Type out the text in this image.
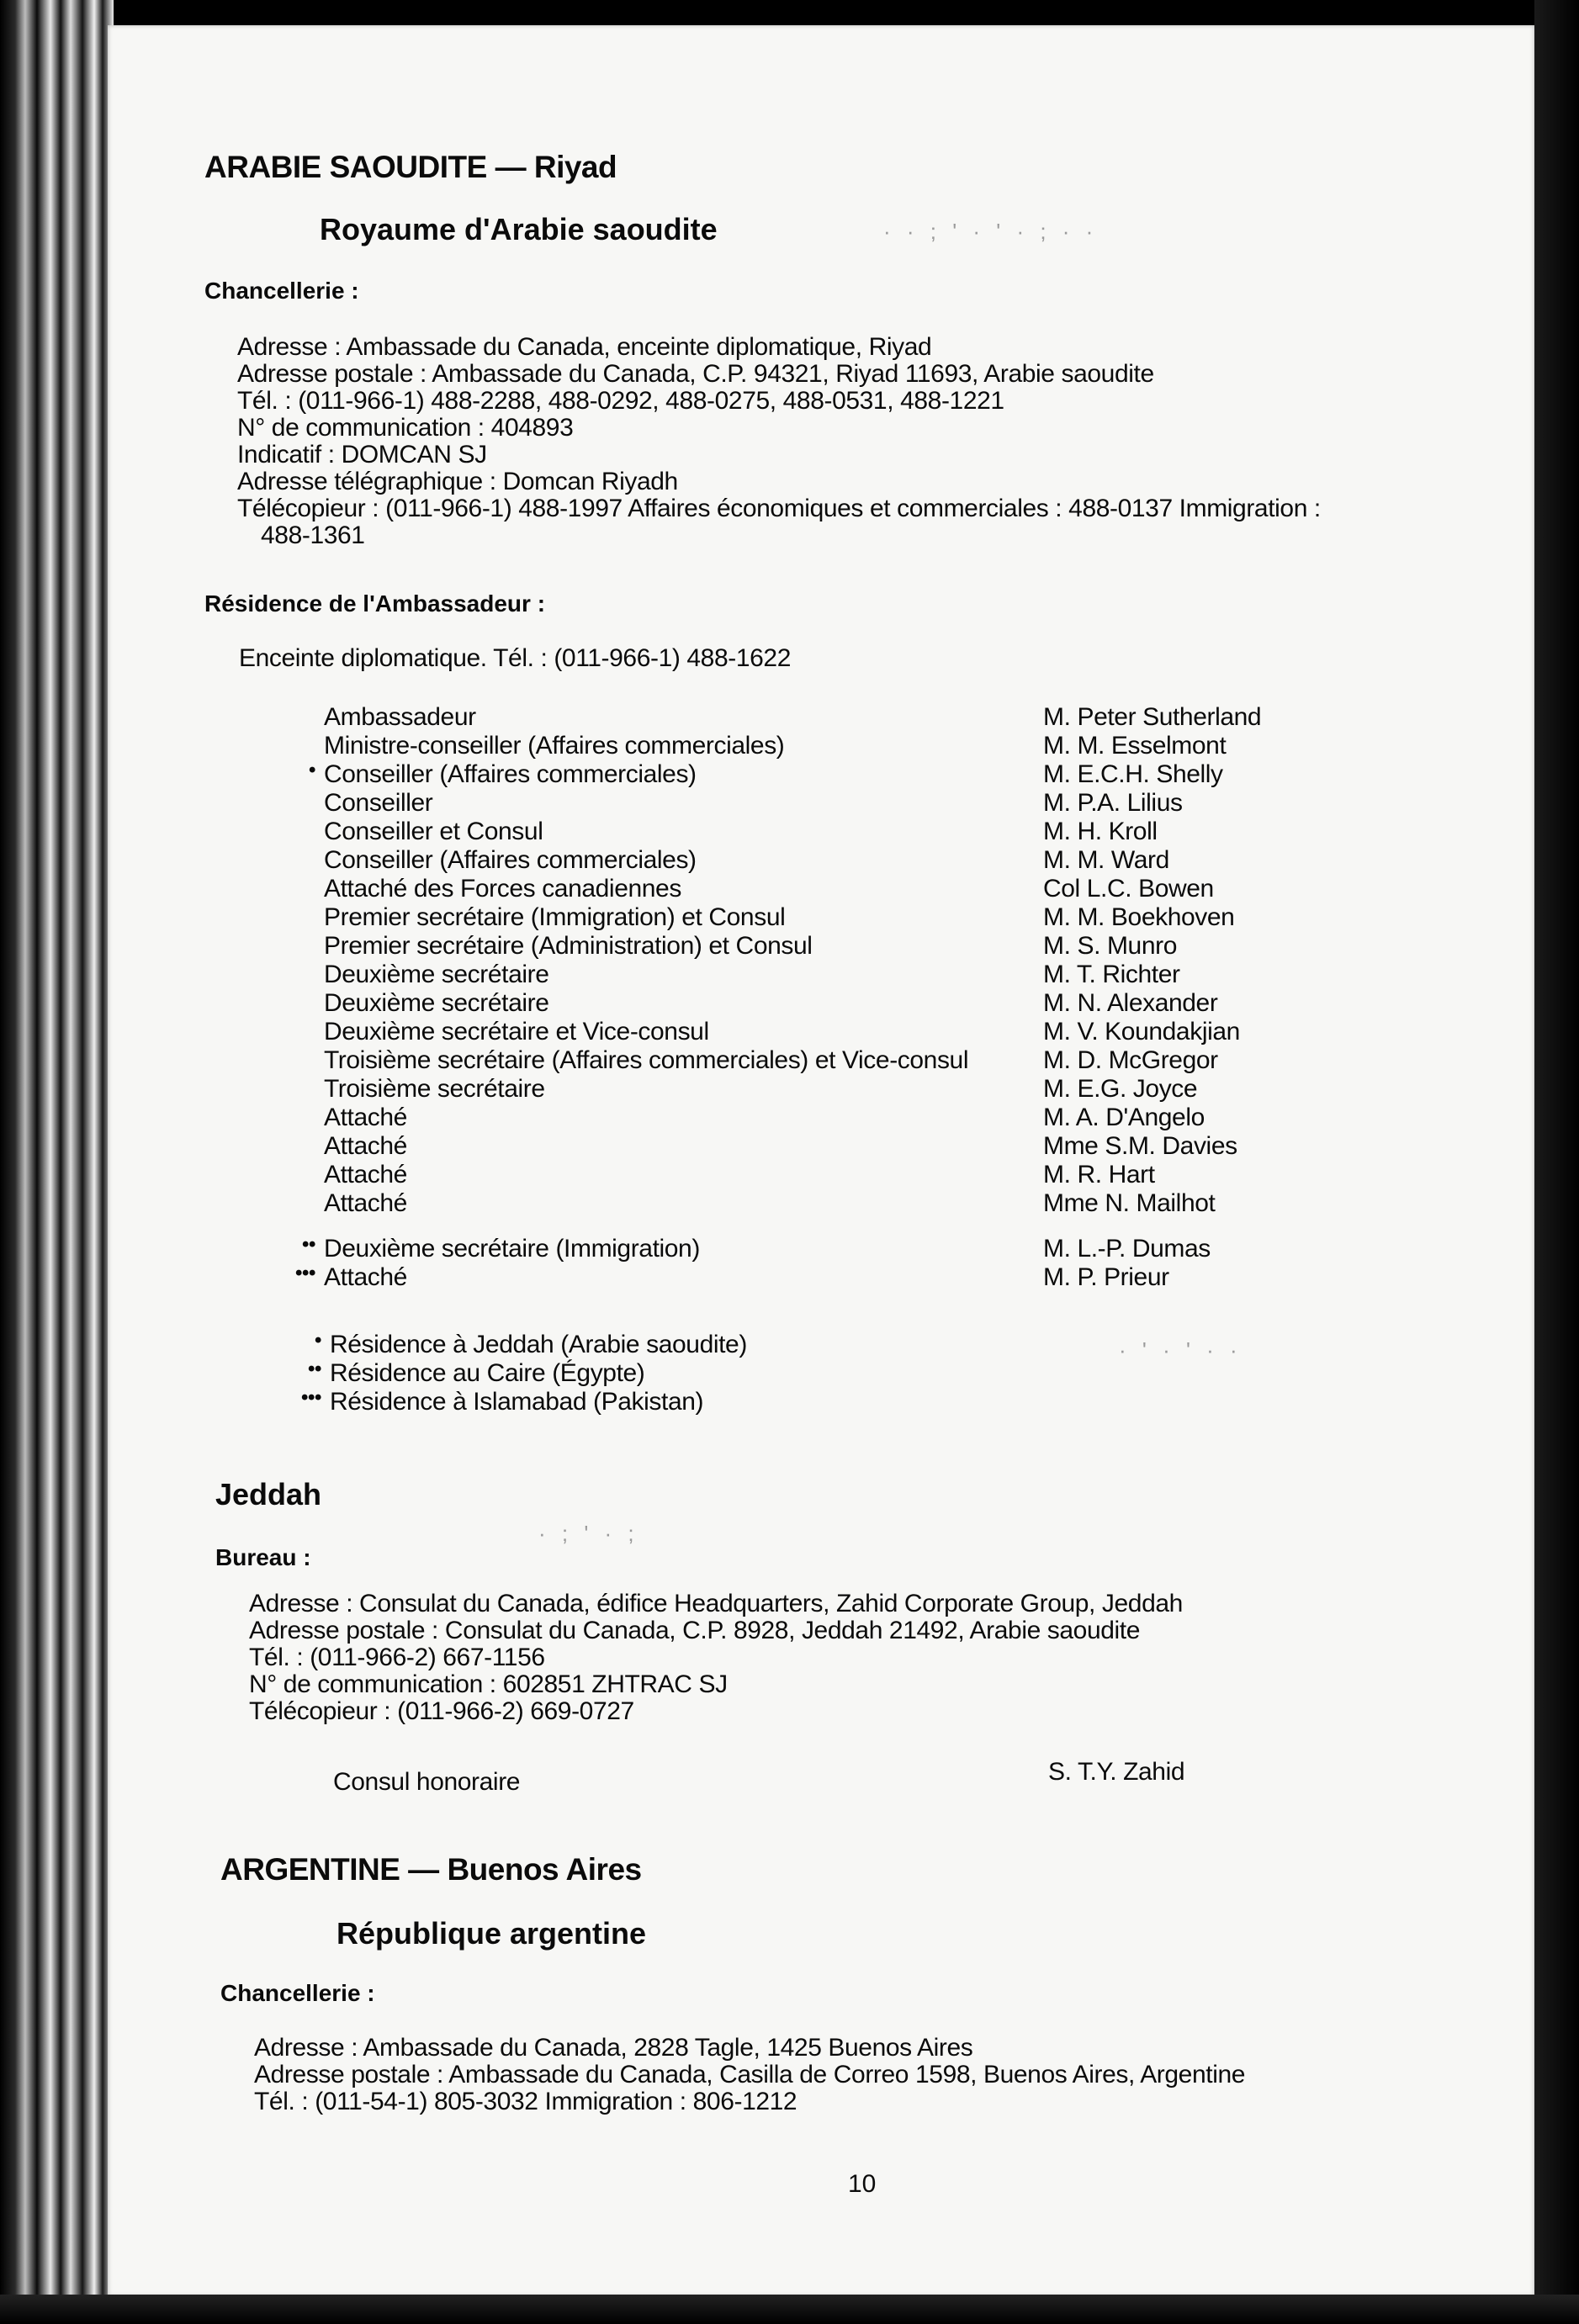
ARABIE SAOUDITE — Riyad
Royaume d'Arabie saoudite
Chancellerie :
Adresse : Ambassade du Canada, enceinte diplomatique, Riyad
Adresse postale : Ambassade du Canada, C.P. 94321, Riyad 11693, Arabie saoudite
Tél. : (011-966-1) 488-2288, 488-0292, 488-0275, 488-0531, 488-1221
N° de communication : 404893
Indicatif : DOMCAN SJ
Adresse télégraphique : Domcan Riyadh
Télécopieur : (011-966-1) 488-1997 Affaires économiques et commerciales : 488-0137 Immigration :
488-1361
Résidence de l'Ambassadeur :
Enceinte diplomatique. Tél. : (011-966-1) 488-1622
Ambassadeur	M. Peter Sutherland
Ministre-conseiller (Affaires commerciales)	M. M. Esselmont
• Conseiller (Affaires commerciales)	M. E.C.H. Shelly
Conseiller	M. P.A. Lilius
Conseiller et Consul	M. H. Kroll
Conseiller (Affaires commerciales)	M. M. Ward
Attaché des Forces canadiennes	Col L.C. Bowen
Premier secrétaire (Immigration) et Consul	M. M. Boekhoven
Premier secrétaire (Administration) et Consul	M. S. Munro
Deuxième secrétaire	M. T. Richter
Deuxième secrétaire	M. N. Alexander
Deuxième secrétaire et Vice-consul	M. V. Koundakjian
Troisième secrétaire (Affaires commerciales) et Vice-consul	M. D. McGregor
Troisième secrétaire	M. E.G. Joyce
Attaché	M. A. D'Angelo
Attaché	Mme S.M. Davies
Attaché	M. R. Hart
Attaché	Mme N. Mailhot
•• Deuxième secrétaire (Immigration)	M. L.-P. Dumas
••• Attaché	M. P. Prieur
• Résidence à Jeddah (Arabie saoudite)
•• Résidence au Caire (Égypte)
••• Résidence à Islamabad (Pakistan)
Jeddah
Bureau :
Adresse : Consulat du Canada, édifice Headquarters, Zahid Corporate Group, Jeddah
Adresse postale : Consulat du Canada, C.P. 8928, Jeddah 21492, Arabie saoudite
Tél. : (011-966-2) 667-1156
N° de communication : 602851 ZHTRAC SJ
Télécopieur : (011-966-2) 669-0727
Consul honoraire	S. T.Y. Zahid
ARGENTINE — Buenos Aires
République argentine
Chancellerie :
Adresse : Ambassade du Canada, 2828 Tagle, 1425 Buenos Aires
Adresse postale : Ambassade du Canada, Casilla de Correo 1598, Buenos Aires, Argentine
Tél. : (011-54-1) 805-3032 Immigration : 806-1212
10
· · ; ' · ' · ; · ·
· ; ' · ;
· ' · ' · ·
